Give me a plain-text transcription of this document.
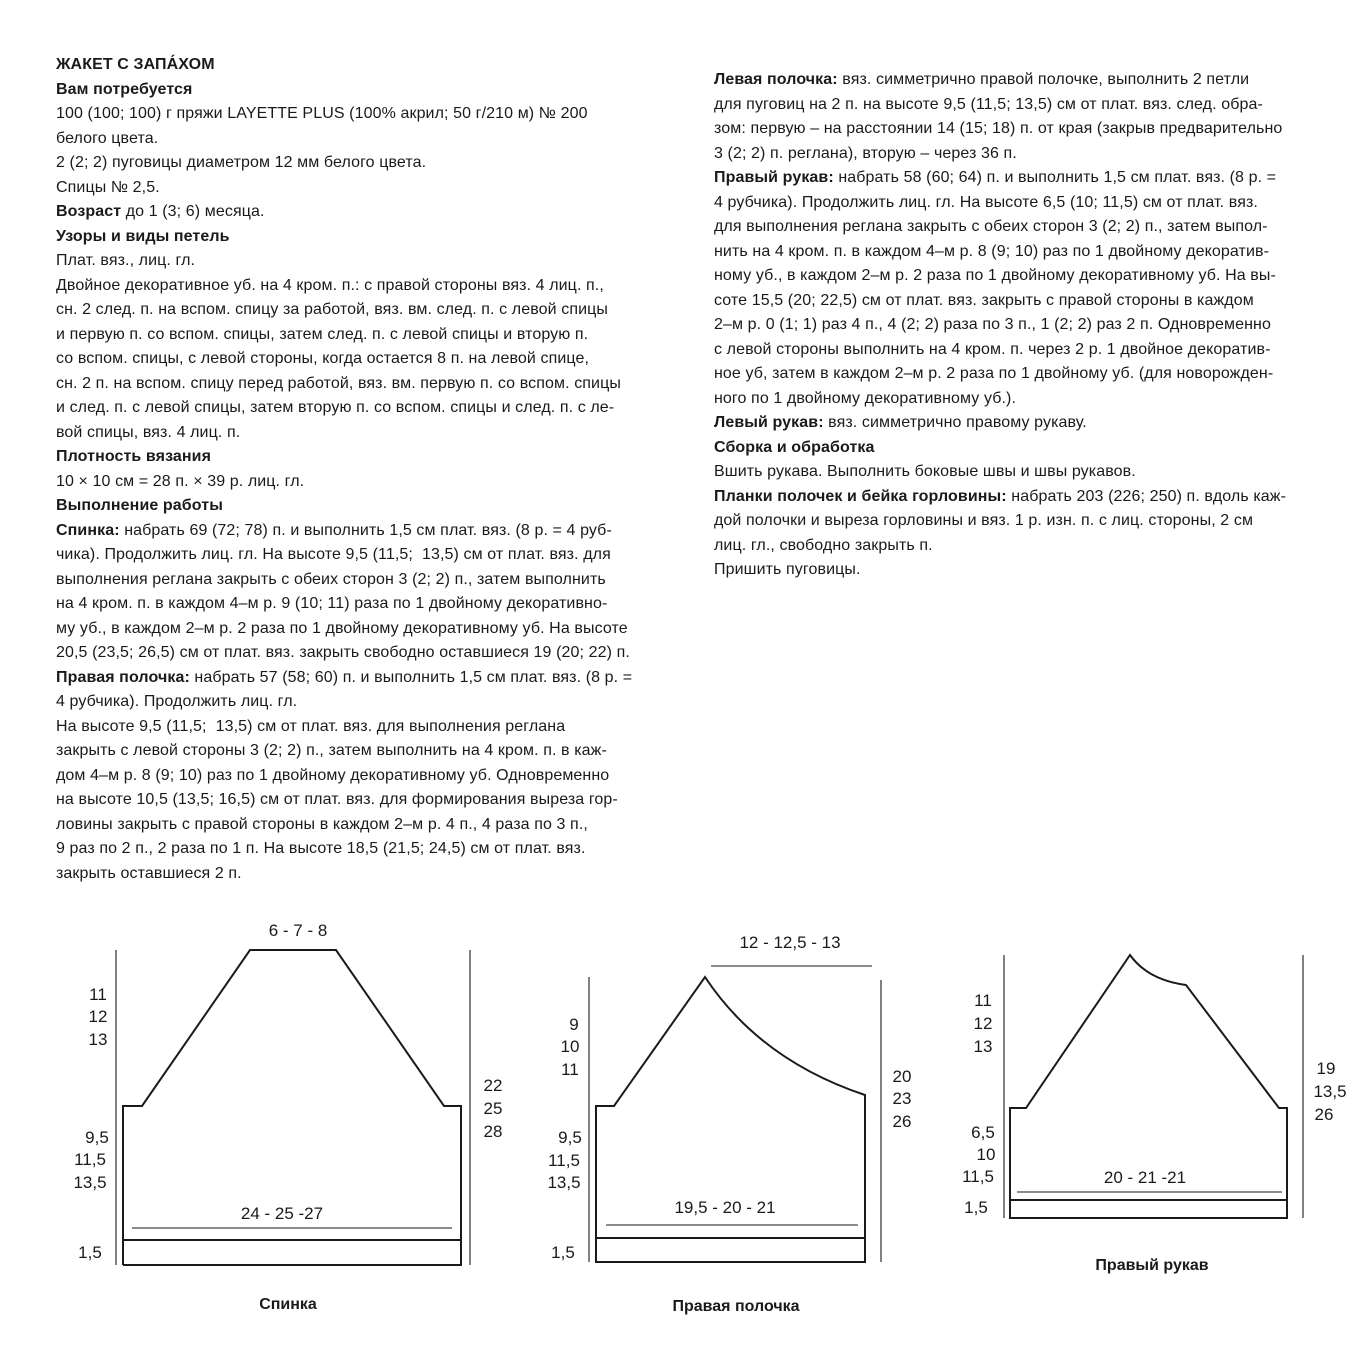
ЖАКЕТ С ЗАПА́ХОМ
Вам потребуется
100 (100; 100) г пряжи LAYETTE PLUS (100% акрил; 50 г/210 м) № 200
белого цвета.
2 (2; 2) пуговицы диаметром 12 мм белого цвета.
Спицы № 2,5.
Возраст до 1 (3; 6) месяца.
Узоры и виды петель
Плат. вяз., лиц. гл.
Двойное декоративное уб. на 4 кром. п.: с правой стороны вяз. 4 лиц. п.,
сн. 2 след. п. на вспом. спицу за работой, вяз. вм. след. п. с левой спицы
и первую п. со вспом. спицы, затем след. п. с левой спицы и вторую п.
со вспом. спицы, с левой стороны, когда остается 8 п. на левой спице,
сн. 2 п. на вспом. спицу перед работой, вяз. вм. первую п. со вспом. спицы
и след. п. с левой спицы, затем вторую п. со вспом. спицы и след. п. с ле-
вой спицы, вяз. 4 лиц. п.
Плотность вязания
10 × 10 см = 28 п. × 39 р. лиц. гл.
Выполнение работы
Спинка: набрать 69 (72; 78) п. и выполнить 1,5 см плат. вяз. (8 р. = 4 руб-
чика). Продолжить лиц. гл. На высоте 9,5 (11,5;  13,5) см от плат. вяз. для
выполнения реглана закрыть с обеих сторон 3 (2; 2) п., затем выполнить
на 4 кром. п. в каждом 4–м р. 9 (10; 11) раза по 1 двойному декоративно-
му уб., в каждом 2–м р. 2 раза по 1 двойному декоративному уб. На высоте
20,5 (23,5; 26,5) см от плат. вяз. закрыть свободно оставшиеся 19 (20; 22) п.
Правая полочка: набрать 57 (58; 60) п. и выполнить 1,5 см плат. вяз. (8 р. =
4 рубчика). Продолжить лиц. гл.
На высоте 9,5 (11,5;  13,5) см от плат. вяз. для выполнения реглана
закрыть с левой стороны 3 (2; 2) п., затем выполнить на 4 кром. п. в каж-
дом 4–м р. 8 (9; 10) раз по 1 двойному декоративному уб. Одновременно
на высоте 10,5 (13,5; 16,5) см от плат. вяз. для формирования выреза гор-
ловины закрыть с правой стороны в каждом 2–м р. 4 п., 4 раза по 3 п.,
9 раз по 2 п., 2 раза по 1 п. На высоте 18,5 (21,5; 24,5) см от плат. вяз.
закрыть оставшиеся 2 п.
Левая полочка: вяз. симметрично правой полочке, выполнить 2 петли
для пуговиц на 2 п. на высоте 9,5 (11,5; 13,5) см от плат. вяз. след. обра-
зом: первую – на расстоянии 14 (15; 18) п. от края (закрыв предварительно
3 (2; 2) п. реглана), вторую – через 36 п.
Правый рукав: набрать 58 (60; 64) п. и выполнить 1,5 см плат. вяз. (8 р. =
4 рубчика). Продолжить лиц. гл. На высоте 6,5 (10; 11,5) см от плат. вяз.
для выполнения реглана закрыть с обеих сторон 3 (2; 2) п., затем выпол-
нить на 4 кром. п. в каждом 4–м р. 8 (9; 10) раз по 1 двойному декоратив-
ному уб., в каждом 2–м р. 2 раза по 1 двойному декоративному уб. На вы-
соте 15,5 (20; 22,5) см от плат. вяз. закрыть с правой стороны в каждом
2–м р. 0 (1; 1) раз 4 п., 4 (2; 2) раза по 3 п., 1 (2; 2) раз 2 п. Одновременно
с левой стороны выполнить на 4 кром. п. через 2 р. 1 двойное декоратив-
ное уб, затем в каждом 2–м р. 2 раза по 1 двойному уб. (для новорожден-
ного по 1 двойному декоративному уб.).
Левый рукав: вяз. симметрично правому рукаву.
Сборка и обработка
Вшить рукава. Выполнить боковые швы и швы рукавов.
Планки полочек и бейка горловины: набрать 203 (226; 250) п. вдоль каж-
дой полочки и выреза горловины и вяз. 1 р. изн. п. с лиц. стороны, 2 см
лиц. гл., свободно закрыть п.
Пришить пуговицы.
6 - 7 - 8
11
12
13
22
25
28
9,5
11,5
13,5
24 - 25 -27
1,5
Спинка
12 - 12,5 - 13
9
10
11	20
23
26
9,5
11,5
13,5
19,5 - 20 - 21
1,5
Правая полочка
11
12
13
19
13,5
26
6,5
10
11,5	20 - 21 -21
1,5
Правый рукав
